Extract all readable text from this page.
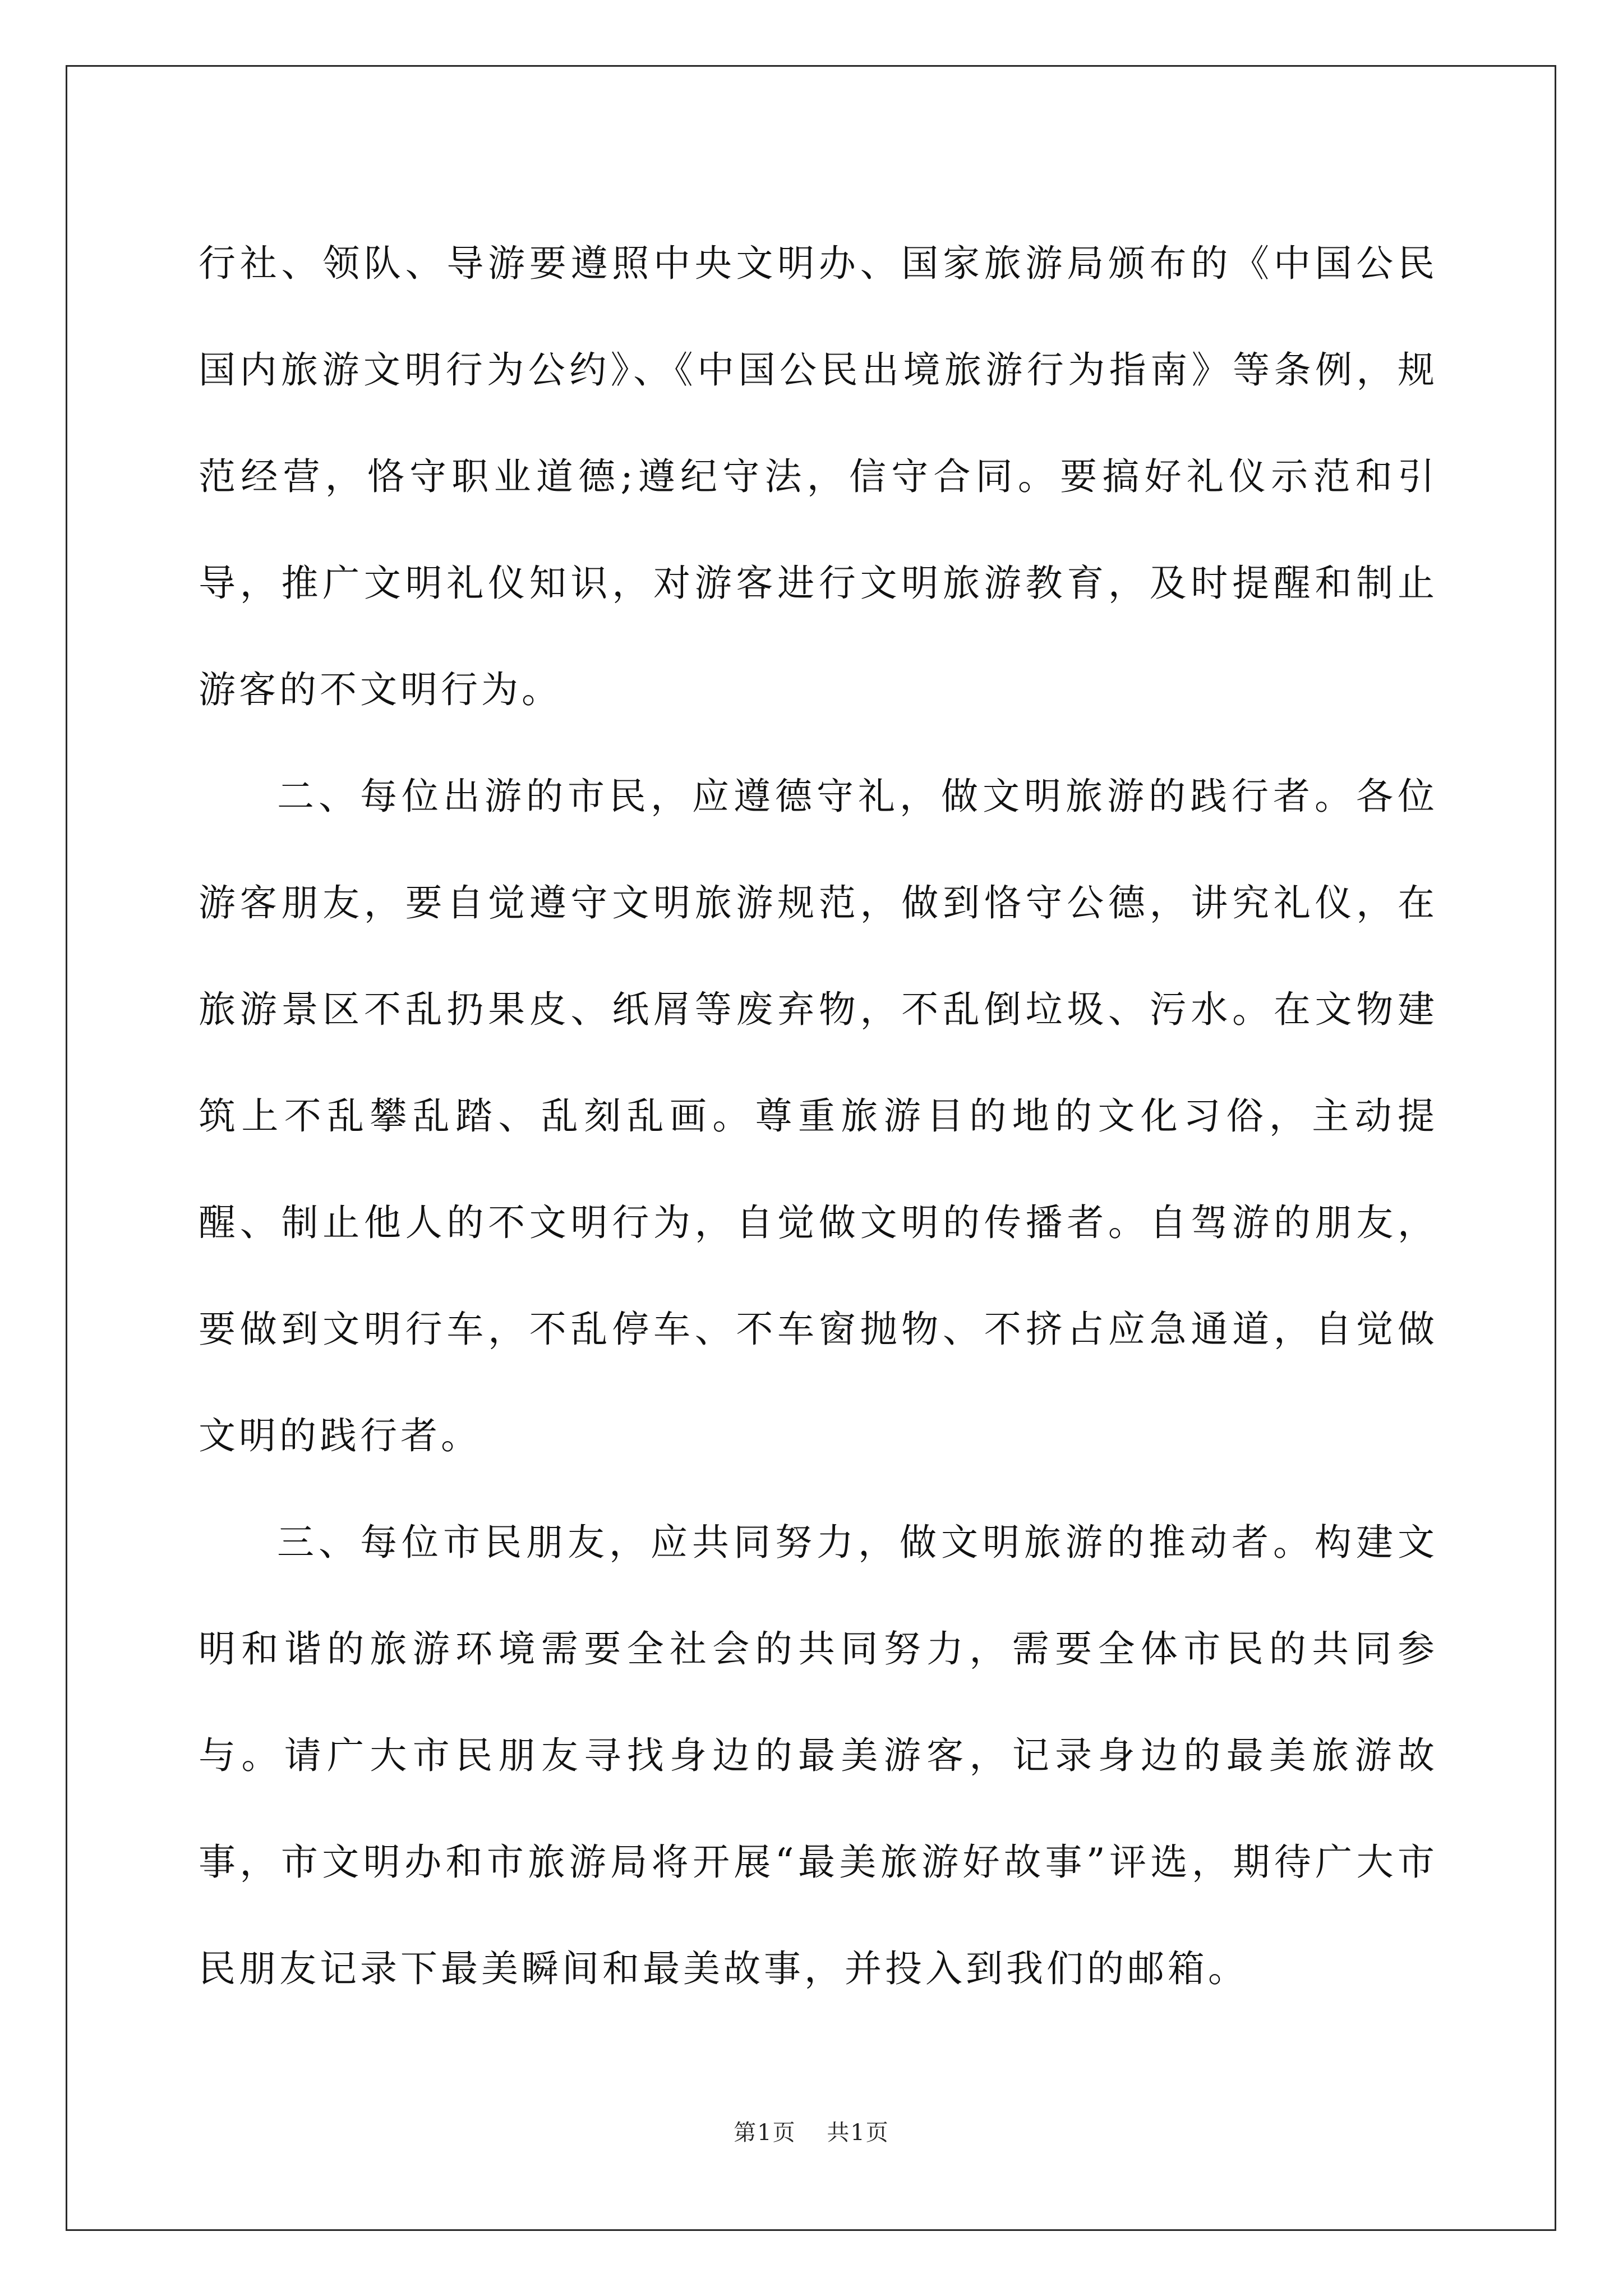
行社、领队、导游要遵照中央文明办、国家旅游局颁布的《中国公民国内旅游文明行为公约》、《中国公民出境旅游行为指南》等条例，规范经营，恪守职业道德;遵纪守法，信守合同。要搞好礼仪示范和引导，推广文明礼仪知识，对游客进行文明旅游教育，及时提醒和制止游客的不文明行为。

二、每位出游的市民，应遵德守礼，做文明旅游的践行者。各位游客朋友，要自觉遵守文明旅游规范，做到恪守公德，讲究礼仪，在旅游景区不乱扔果皮、纸屑等废弃物，不乱倒垃圾、污水。在文物建筑上不乱攀乱踏、乱刻乱画。尊重旅游目的地的文化习俗，主动提醒、制止他人的不文明行为，自觉做文明的传播者。自驾游的朋友，要做到文明行车，不乱停车、不车窗抛物、不挤占应急通道，自觉做文明的践行者。

三、每位市民朋友，应共同努力，做文明旅游的推动者。构建文明和谐的旅游环境需要全社会的共同努力，需要全体市民的共同参与。请广大市民朋友寻找身边的最美游客，记录身边的最美旅游故事，市文明办和市旅游局将开展“最美旅游好故事”评选，期待广大市民朋友记录下最美瞬间和最美故事，并投入到我们的邮箱。

第1页 共1页
